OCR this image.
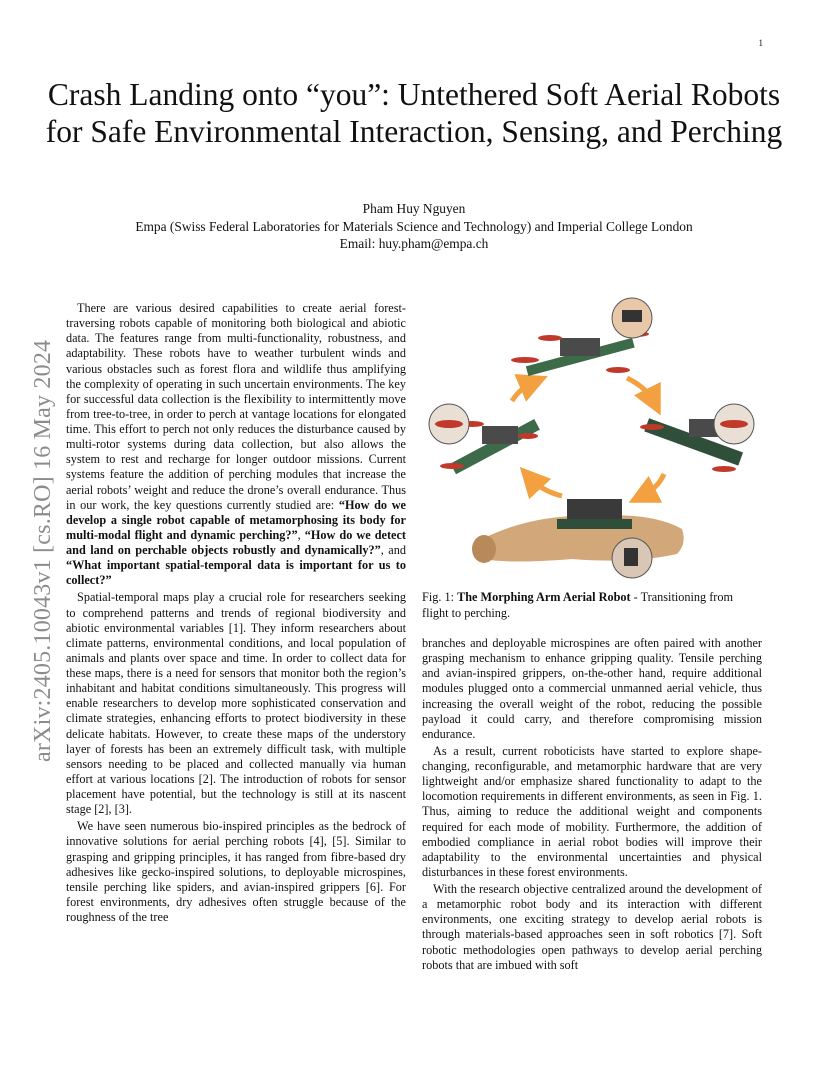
1
Crash Landing onto “you”: Untethered Soft Aerial Robots for Safe Environmental Interaction, Sensing, and Perching
Pham Huy Nguyen
Empa (Swiss Federal Laboratories for Materials Science and Technology) and Imperial College London
Email: huy.pham@empa.ch
arXiv:2405.10043v1 [cs.RO] 16 May 2024

There are various desired capabilities to create aerial forest-traversing robots capable of monitoring both biological and abiotic data. The features range from multi-functionality, robustness, and adaptability. These robots have to weather turbulent winds and various obstacles such as forest flora and wildlife thus amplifying the complexity of operating in such uncertain environments. The key for successful data collection is the flexibility to intermittently move from tree-to-tree, in order to perch at vantage locations for elongated time. This effort to perch not only reduces the disturbance caused by multi-rotor systems during data collection, but also allows the system to rest and recharge for longer outdoor missions. Current systems feature the addition of perching modules that increase the aerial robots’ weight and reduce the drone’s overall endurance. Thus in our work, the key questions currently studied are: “How do we develop a single robot capable of metamorphosing its body for multi-modal flight and dynamic perching?”, “How do we detect and land on perchable objects robustly and dynamically?”, and “What important spatial-temporal data is important for us to collect?”

Spatial-temporal maps play a crucial role for researchers seeking to comprehend patterns and trends of regional biodiversity and abiotic environmental variables [1]. They inform researchers about climate patterns, environmental conditions, and local population of animals and plants over space and time. In order to collect data for these maps, there is a need for sensors that monitor both the region’s inhabitant and habitat conditions simultaneously. This progress will enable researchers to develop more sophisticated conservation and climate strategies, enhancing efforts to protect biodiversity in these delicate habitats. However, to create these maps of the understory layer of forests has been an extremely difficult task, with multiple sensors needing to be placed and collected manually via human effort at various locations [2]. The introduction of robots for sensor placement have potential, but the technology is still at its nascent stage [2], [3].

We have seen numerous bio-inspired principles as the bedrock of innovative solutions for aerial perching robots [4], [5]. Similar to grasping and gripping principles, it has ranged from fibre-based dry adhesives like gecko-inspired solutions, to deployable microspines, tensile perching like spiders, and avian-inspired grippers [6]. For forest environments, dry adhesives often struggle because of the roughness of the tree

Fig. 1: The Morphing Arm Aerial Robot - Transitioning from flight to perching.

branches and deployable microspines are often paired with another grasping mechanism to enhance gripping quality. Tensile perching and avian-inspired grippers, on-the-other hand, require additional modules plugged onto a commercial unmanned aerial vehicle, thus increasing the overall weight of the robot, reducing the possible payload it could carry, and therefore compromising mission endurance.

As a result, current roboticists have started to explore shape-changing, reconfigurable, and metamorphic hardware that are very lightweight and/or emphasize shared functionality to adapt to the locomotion requirements in different environments, as seen in Fig. 1. Thus, aiming to reduce the additional weight and components required for each mode of mobility. Furthermore, the addition of embodied compliance in aerial robot bodies will improve their adaptability to the environmental uncertainties and physical disturbances in these forest environments.

With the research objective centralized around the development of a metamorphic robot body and its interaction with different environments, one exciting strategy to develop aerial robots is through materials-based approaches seen in soft robotics [7]. Soft robotic methodologies open pathways to develop aerial perching robots that are imbued with soft
